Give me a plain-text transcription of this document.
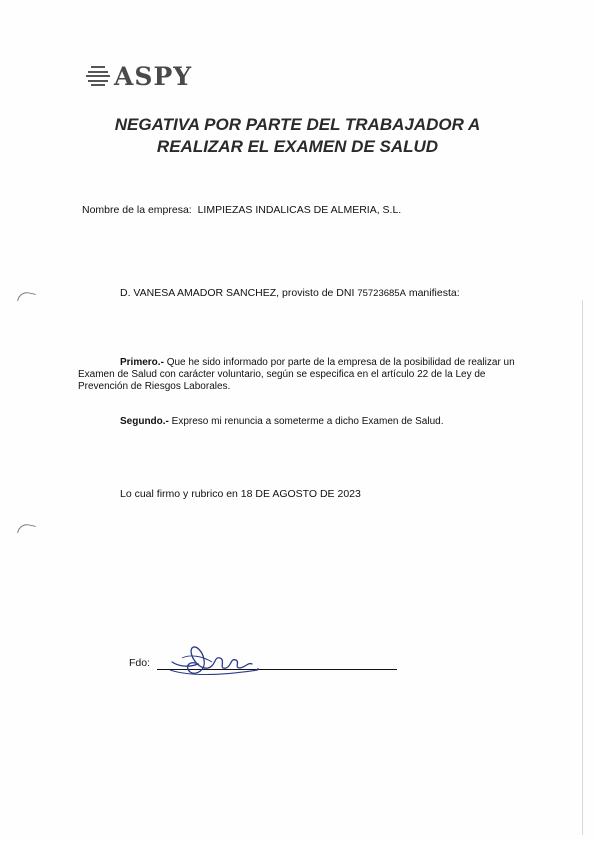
ASPY
NEGATIVA POR PARTE DEL TRABAJADOR A
REALIZAR EL EXAMEN DE SALUD
Nombre de la empresa: LIMPIEZAS INDALICAS DE ALMERIA, S.L.
D. VANESA AMADOR SANCHEZ, provisto de DNI 75723685A manifiesta:
Primero.- Que he sido informado por parte de la empresa de la posibilidad de realizar un Examen de Salud con carácter voluntario, según se especifica en el artículo 22 de la Ley de Prevención de Riesgos Laborales.
Segundo.- Expreso mi renuncia a someterme a dicho Examen de Salud.
Lo cual firmo y rubrico en 18 DE AGOSTO DE 2023
Fdo:
